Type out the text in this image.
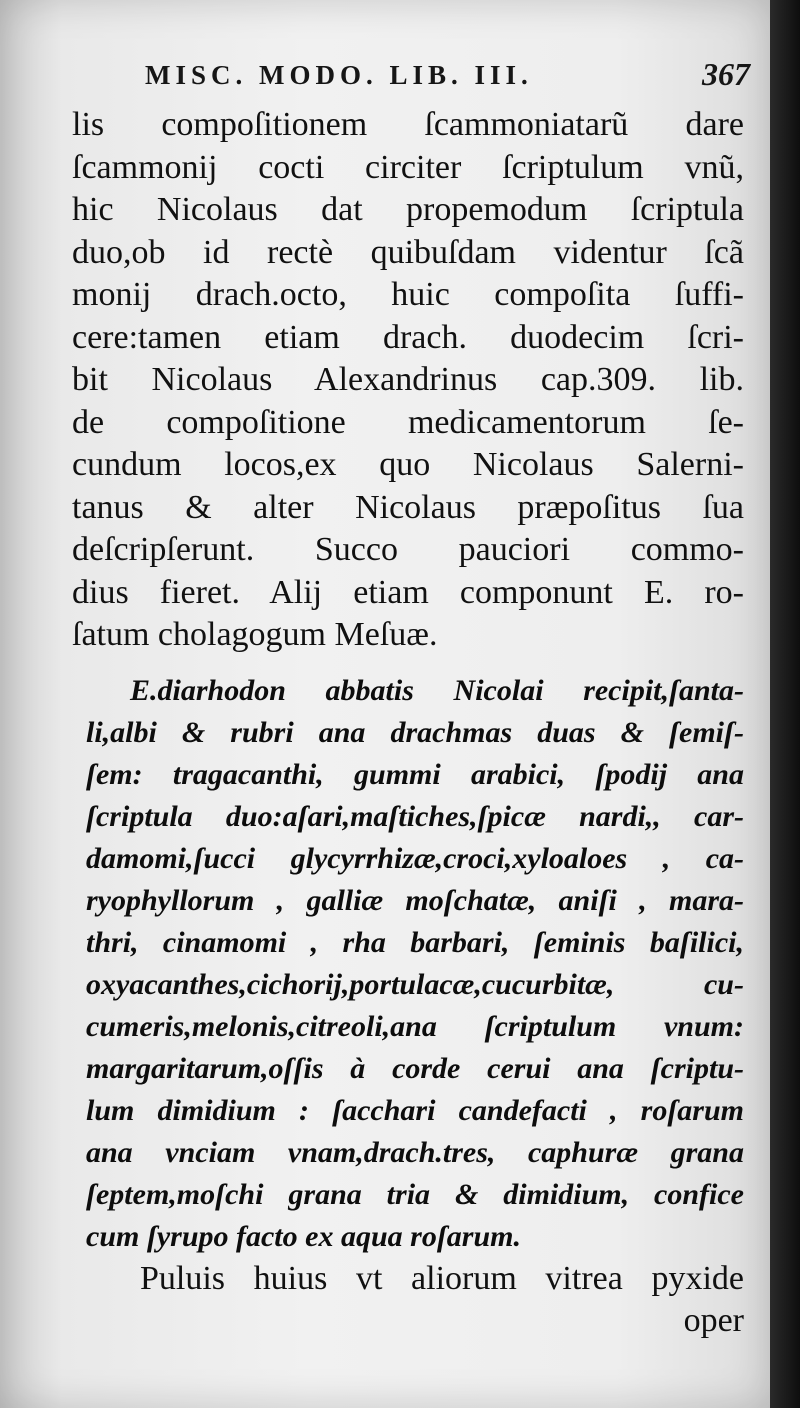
MISC. MODO. LIB. III.	367

lis compoſitionem ſcammoniatarũ dare

ſcammonij cocti circiter ſcriptulum vnũ,

hic Nicolaus dat propemodum ſcriptula

duo,ob id rectè quibuſdam videntur ſcã

monij drach.octo, huic compoſita ſuffi-

cere:tamen etiam drach. duodecim ſcri-

bit Nicolaus Alexandrinus cap.309. lib.

de compoſitione medicamentorum ſe-

cundum locos,ex quo Nicolaus Salerni-

tanus & alter Nicolaus præpoſitus ſua

deſcripſerunt. Succo pauciori commo-

dius fieret. Alij etiam componunt E. ro-

ſatum cholagogum Meſuæ.

E.diarhodon abbatis Nicolai recipit,ſanta-

li,albi & rubri ana drachmas duas & ſemiſ-

ſem: tragacanthi, gummi arabici, ſpodij ana

ſcriptula duo:aſari,maſtiches,ſpicæ nardi,, car-

damomi,ſucci glycyrrhizæ,croci,xyloaloes , ca-

ryophyllorum , galliæ moſchatæ, aniſi , mara-

thri, cinamomi , rha barbari, ſeminis baſilici,

oxyacanthes,cichorij,portulacæ,cucurbitæ, cu-

cumeris,melonis,citreoli,ana ſcriptulum vnum:

margaritarum,oſſis à corde cerui ana ſcriptu-

lum dimidium : ſacchari candefacti , roſarum

ana vnciam vnam,drach.tres, caphuræ grana

ſeptem,moſchi grana tria & dimidium, confice

cum ſyrupo facto ex aqua roſarum.

Puluis huius vt aliorum vitrea pyxide

oper
